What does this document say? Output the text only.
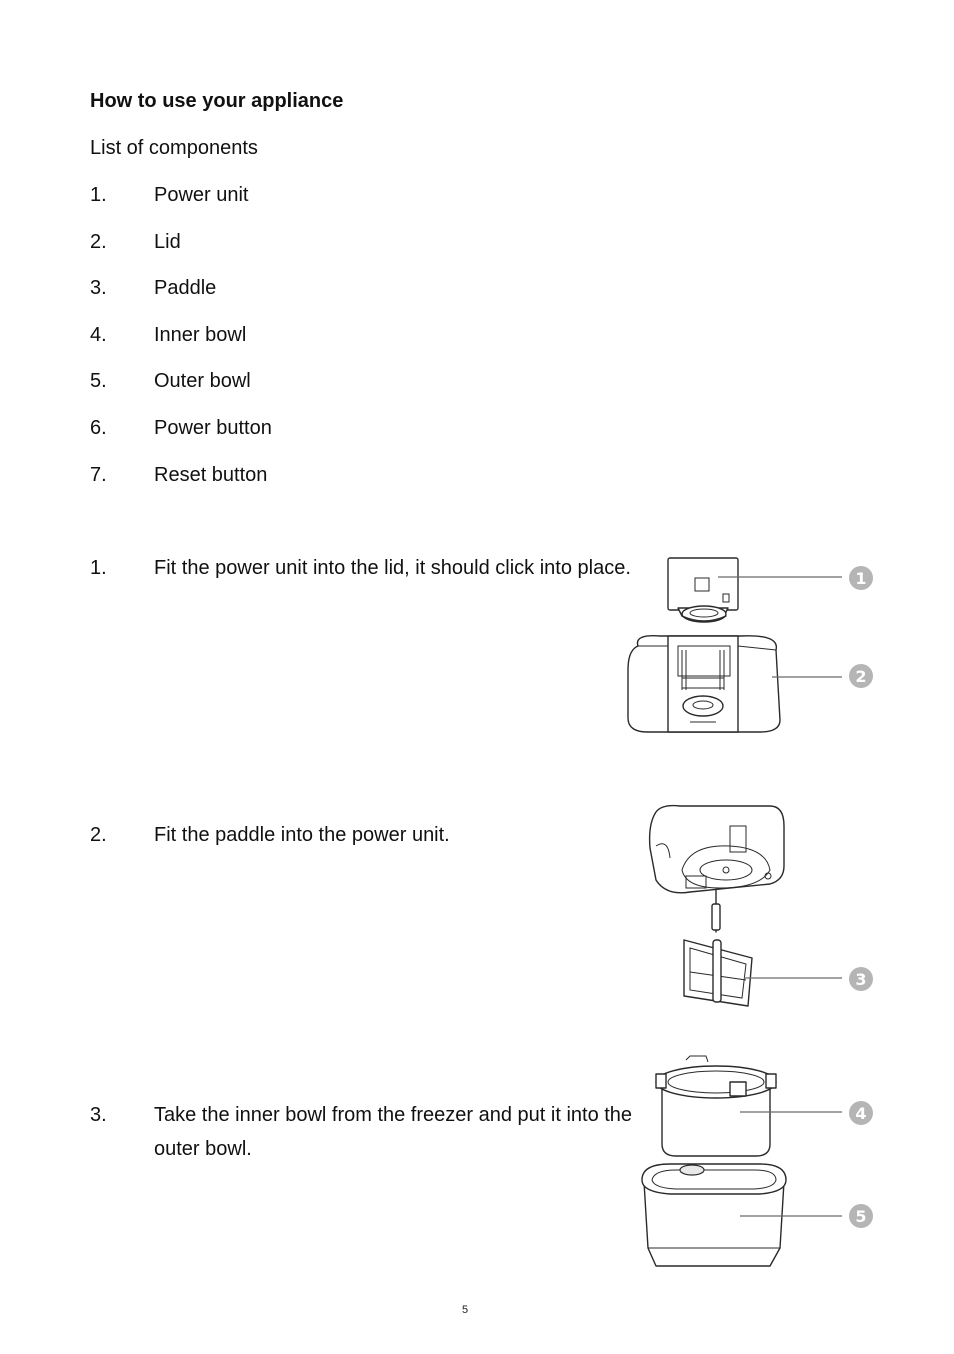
How to use your appliance
List of components
1. Power unit
2. Lid
3. Paddle
4. Inner bowl
5. Outer bowl
6. Power button
7. Reset button
1. Fit the power unit into the lid, it should click into place.
2. Fit the paddle into the power unit.
3. Take the inner bowl from the freezer and put it into the outer bowl.
1
2
3
4
5
5
